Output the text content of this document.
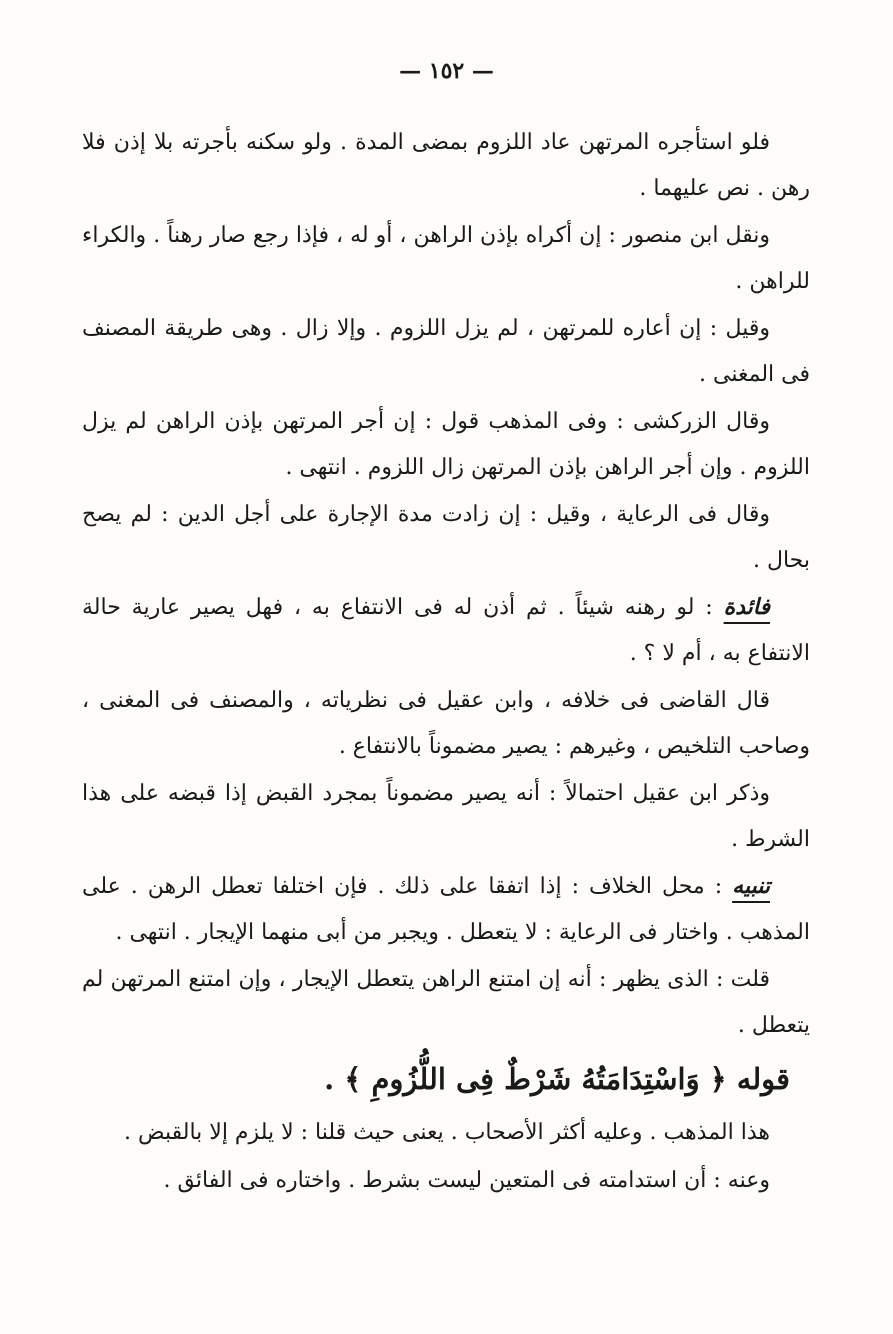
— ١٥٢ —

فلو استأجره المرتهن عاد اللزوم بمضى المدة . ولو سكنه بأجرته بلا إذن فلا رهن . نص عليهما .

ونقل ابن منصور : إن أكراه بإذن الراهن ، أو له ، فإذا رجع صار رهناً . والكراء للراهن .

وقيل : إن أعاره للمرتهن ، لم يزل اللزوم . وإلا زال . وهى طريقة المصنف فى المغنى .

وقال الزركشى : وفى المذهب قول : إن أجر المرتهن بإذن الراهن لم يزل اللزوم . وإن أجر الراهن بإذن المرتهن زال اللزوم . انتهى .

وقال فى الرعاية ، وقيل : إن زادت مدة الإجارة على أجل الدين : لم يصح بحال .

فائدة : لو رهنه شيئاً . ثم أذن له فى الانتفاع به ، فهل يصير عارية حالة الانتفاع به ، أم لا ؟ .

قال القاضى فى خلافه ، وابن عقيل فى نظرياته ، والمصنف فى المغنى ، وصاحب التلخيص ، وغيرهم : يصير مضموناً بالانتفاع .

وذكر ابن عقيل احتمالاً : أنه يصير مضموناً بمجرد القبض إذا قبضه على هذا الشرط .

تنبيه : محل الخلاف : إذا اتفقا على ذلك . فإن اختلفا تعطل الرهن . على المذهب . واختار فى الرعاية : لا يتعطل . ويجبر من أبى منهما الإيجار . انتهى .

قلت : الذى يظهر : أنه إن امتنع الراهن يتعطل الإيجار ، وإن امتنع المرتهن لم يتعطل .

قوله ﴿ وَاسْتِدَامَتُهُ شَرْطٌ فِى اللُّزُومِ ﴾ .

هذا المذهب . وعليه أكثر الأصحاب . يعنى حيث قلنا : لا يلزم إلا بالقبض .

وعنه : أن استدامته فى المتعين ليست بشرط . واختاره فى الفائق .
